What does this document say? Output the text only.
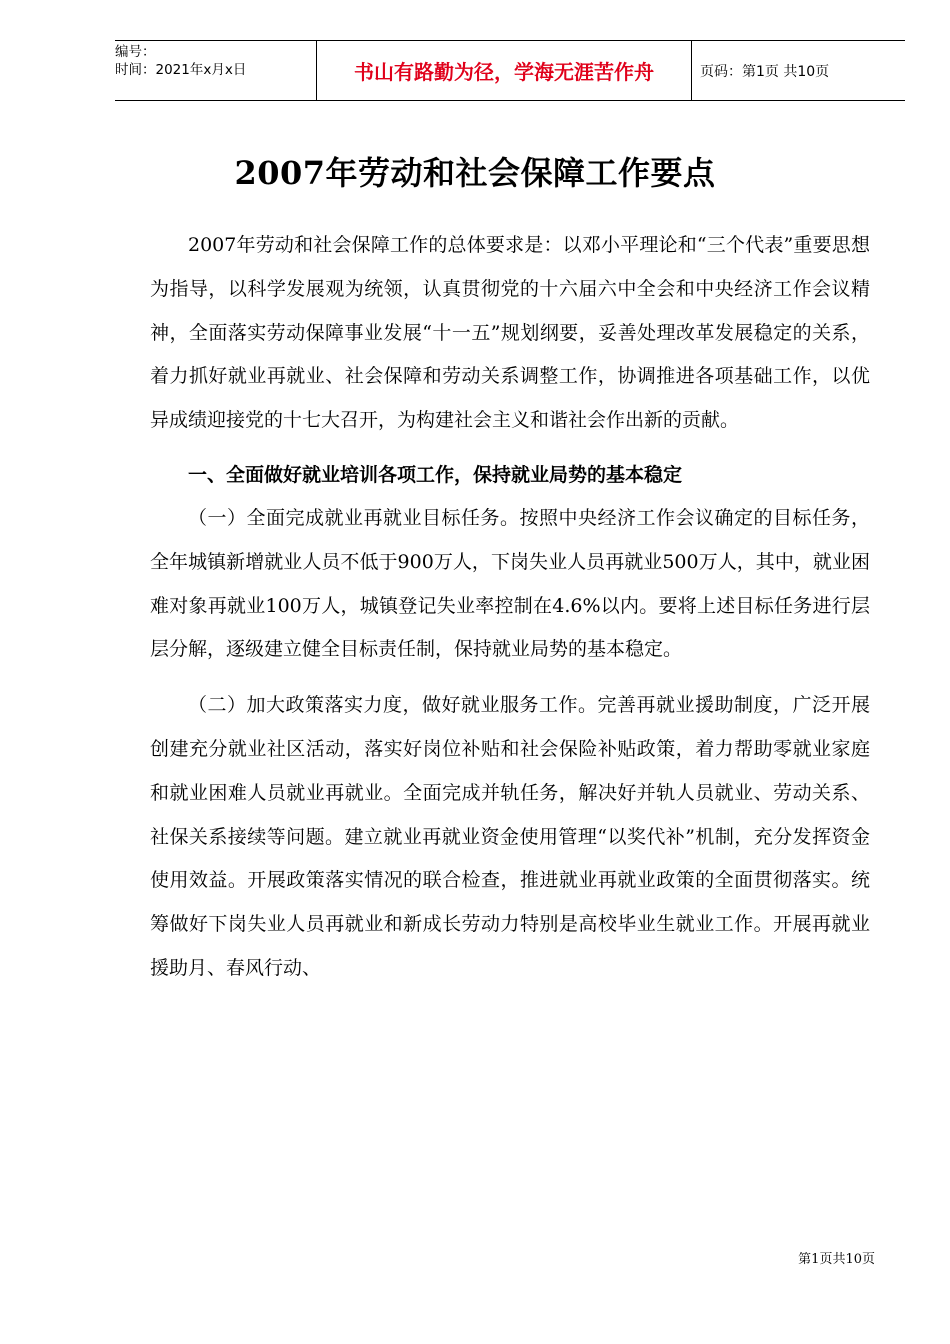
编号：
时间：2021年x月x日	书山有路勤为径，学海无涯苦作舟	页码：第1页 共10页
2007年劳动和社会保障工作要点

2007年劳动和社会保障工作的总体要求是：以邓小平理论和“三个代表”重要思想为指导，以科学发展观为统领，认真贯彻党的十六届六中全会和中央经济工作会议精神，全面落实劳动保障事业发展“十一五”规划纲要，妥善处理改革发展稳定的关系，着力抓好就业再就业、社会保障和劳动关系调整工作，协调推进各项基础工作，以优异成绩迎接党的十七大召开，为构建社会主义和谐社会作出新的贡献。

一、全面做好就业培训各项工作，保持就业局势的基本稳定

（一）全面完成就业再就业目标任务。按照中央经济工作会议确定的目标任务，全年城镇新增就业人员不低于900万人，下岗失业人员再就业500万人，其中，就业困难对象再就业100万人，城镇登记失业率控制在4.6%以内。要将上述目标任务进行层层分解，逐级建立健全目标责任制，保持就业局势的基本稳定。

（二）加大政策落实力度，做好就业服务工作。完善再就业援助制度，广泛开展创建充分就业社区活动，落实好岗位补贴和社会保险补贴政策，着力帮助零就业家庭和就业困难人员就业再就业。全面完成并轨任务，解决好并轨人员就业、劳动关系、社保关系接续等问题。建立就业再就业资金使用管理“以奖代补”机制，充分发挥资金使用效益。开展政策落实情况的联合检查，推进就业再就业政策的全面贯彻落实。统筹做好下岗失业人员再就业和新成长劳动力特别是高校毕业生就业工作。开展再就业援助月、春风行动、

第1页共10页
